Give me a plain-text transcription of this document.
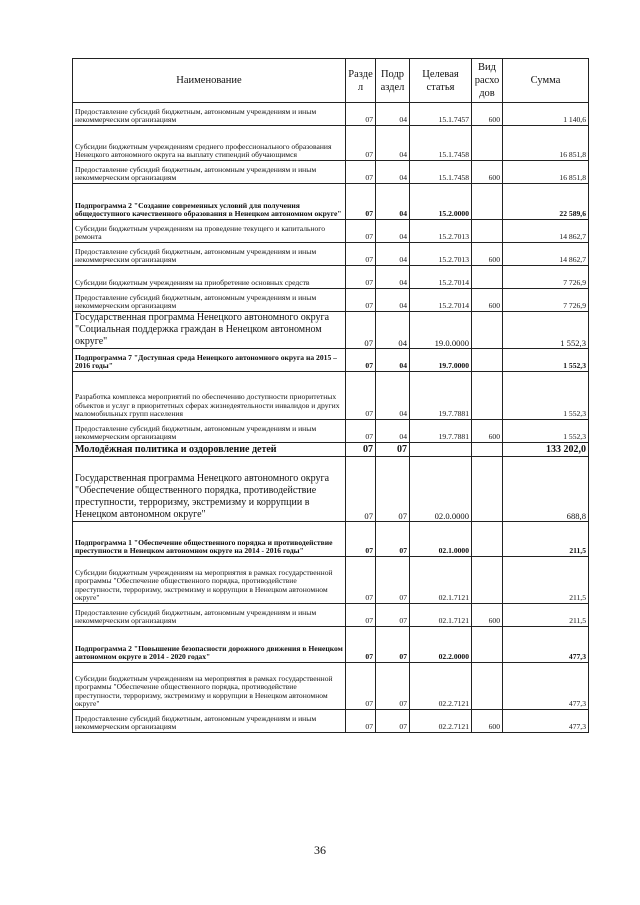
Наименование	Разде л	Подр аздел	Целевая статья	Вид расхо дов	Сумма
Предоставление субсидий бюджетным, автономным учреждениям и иным некоммерческим организациям	07	04	15.1.7457	600	1 140,6
Субсидии бюджетным учреждениям среднего профессионального образования Ненецкого автономного округа на выплату стипендий обучающимся	07	04	15.1.7458		16 851,8
Предоставление субсидий бюджетным, автономным учреждениям и иным некоммерческим организациям	07	04	15.1.7458	600	16 851,8
Подпрограмма 2 "Создание современных условий для получения общедоступного качественного образования в Ненецком автономном округе"	07	04	15.2.0000		22 589,6
Субсидии бюджетным учреждениям на проведение текущего и капитального ремонта	07	04	15.2.7013		14 862,7
Предоставление субсидий бюджетным, автономным учреждениям и иным некоммерческим организациям	07	04	15.2.7013	600	14 862,7
Субсидии бюджетным учреждениям на приобретение основных средств	07	04	15.2.7014		7 726,9
Предоставление субсидий бюджетным, автономным учреждениям и иным некоммерческим организациям	07	04	15.2.7014	600	7 726,9
Государственная программа Ненецкого автономного округа "Социальная поддержка граждан в Ненецком автономном округе"	07	04	19.0.0000		1 552,3
Подпрограмма 7 "Доступная среда Ненецкого автономного округа на 2015 – 2016 годы"	07	04	19.7.0000		1 552,3
Разработка комплекса мероприятий по обеспечению доступности приоритетных объектов и услуг в приоритетных сферах жизнедеятельности инвалидов и других маломобильных групп населения	07	04	19.7.7881		1 552,3
Предоставление субсидий бюджетным, автономным учреждениям и иным некоммерческим организациям	07	04	19.7.7881	600	1 552,3
Молодёжная политика и оздоровление детей	07	07			133 202,0
Государственная программа Ненецкого автономного округа "Обеспечение общественного порядка, противодействие преступности, терроризму, экстремизму и коррупции в Ненецком автономном округе"	07	07	02.0.0000		688,8
Подпрограмма 1 "Обеспечение общественного порядка и противодействие преступности в Ненецком автономном округе на 2014 - 2016 годы"	07	07	02.1.0000		211,5
Субсидии бюджетным учреждениям на мероприятия в рамках государственной программы "Обеспечение общественного порядка, противодействие преступности, терроризму, экстремизму и коррупции в Ненецком автономном округе"	07	07	02.1.7121		211,5
Предоставление субсидий бюджетным, автономным учреждениям и иным некоммерческим организациям	07	07	02.1.7121	600	211,5
Подпрограмма 2 "Повышение безопасности дорожного движения в Ненецком автономном округе в 2014 - 2020 годах"	07	07	02.2.0000		477,3
Субсидии бюджетным учреждениям на мероприятия в рамках государственной программы "Обеспечение общественного порядка, противодействие преступности, терроризму, экстремизму и коррупции в Ненецком автономном округе"	07	07	02.2.7121		477,3
Предоставление субсидий бюджетным, автономным учреждениям и иным некоммерческим организациям	07	07	02.2.7121	600	477,3
36
